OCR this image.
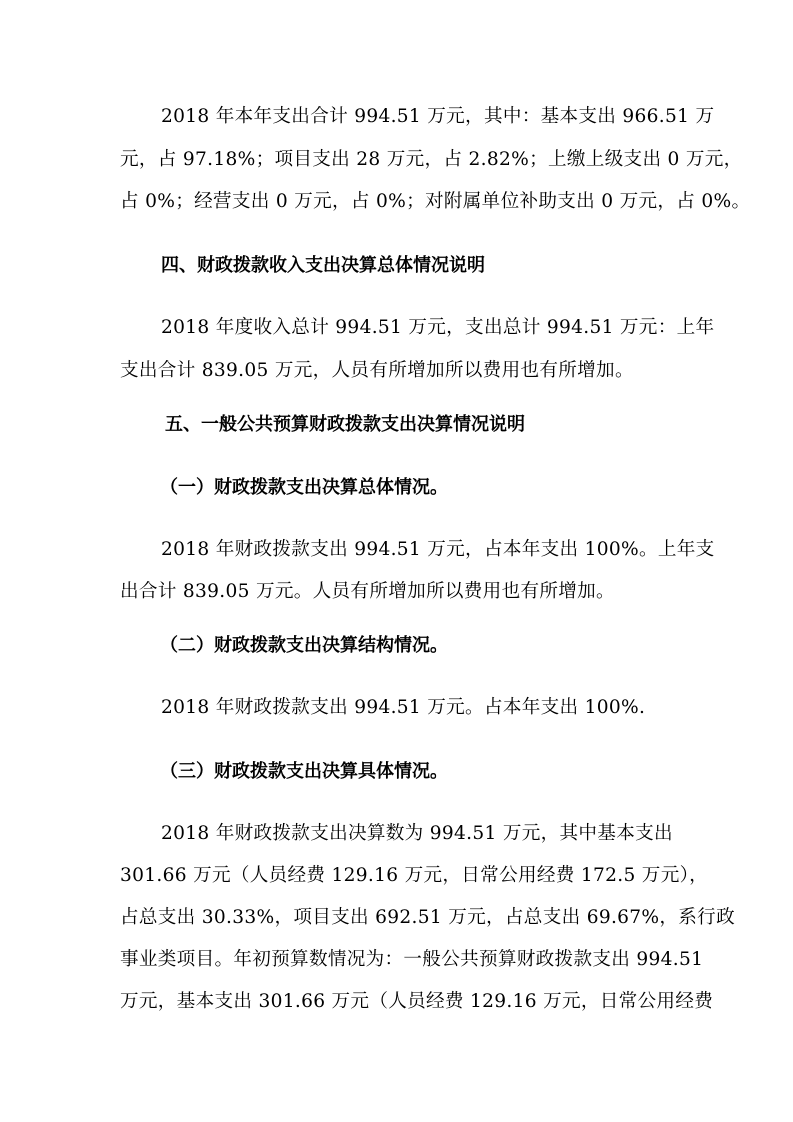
2018 年本年支出合计 994.51 万元，其中：基本支出 966.51 万
元，占 97.18%；项目支出 28 万元，占 2.82%；上缴上级支出 0 万元，
占 0%；经营支出 0 万元，占 0%；对附属单位补助支出 0 万元，占 0%。
四、财政拨款收入支出决算总体情况说明
2018 年度收入总计 994.51 万元，支出总计 994.51 万元：上年
支出合计 839.05 万元，人员有所增加所以费用也有所增加。
五、一般公共预算财政拨款支出决算情况说明
（一）财政拨款支出决算总体情况。
2018 年财政拨款支出 994.51 万元，占本年支出 100%。上年支
出合计 839.05 万元。人员有所增加所以费用也有所增加。
（二）财政拨款支出决算结构情况。
2018 年财政拨款支出 994.51 万元。占本年支出 100%.
（三）财政拨款支出决算具体情况。
2018 年财政拨款支出决算数为 994.51 万元，其中基本支出
301.66 万元（人员经费 129.16 万元，日常公用经费 172.5 万元），
占总支出 30.33%，项目支出 692.51 万元，占总支出 69.67%，系行政
事业类项目。年初预算数情况为：一般公共预算财政拨款支出 994.51
万元，基本支出 301.66 万元（人员经费 129.16 万元，日常公用经费
